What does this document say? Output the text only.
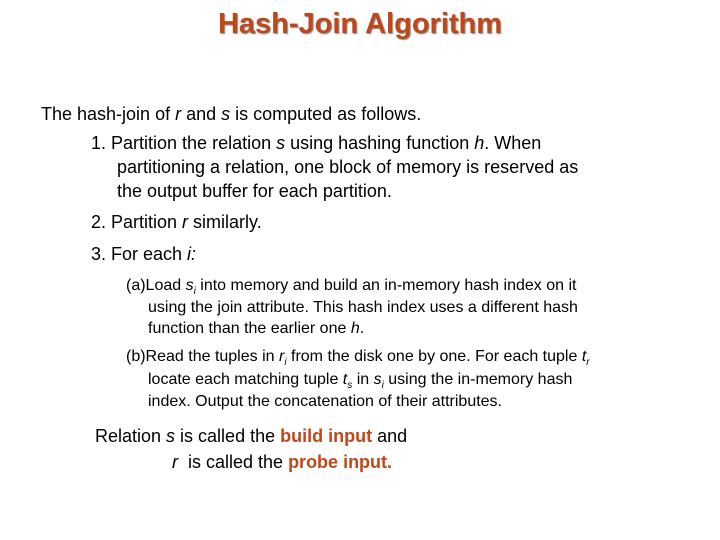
Hash-Join Algorithm
The hash-join of r and s is computed as follows.
1. Partition the relation s using hashing function h. When
partitioning a relation, one block of memory is reserved as
the output buffer for each partition.
2. Partition r similarly.
3. For each i:
(a)Load $s_i$ into memory and build an in-memory hash index on it
using the join attribute. This hash index uses a different hash
function than the earlier one h.
(b)Read the tuples in $r_i$ from the disk one by one. For each tuple $t_r$
locate each matching tuple $t_s$ in $s_i$ using the in-memory hash
index. Output the concatenation of their attributes.
Relation s is called the build input and
r  is called the probe input.
